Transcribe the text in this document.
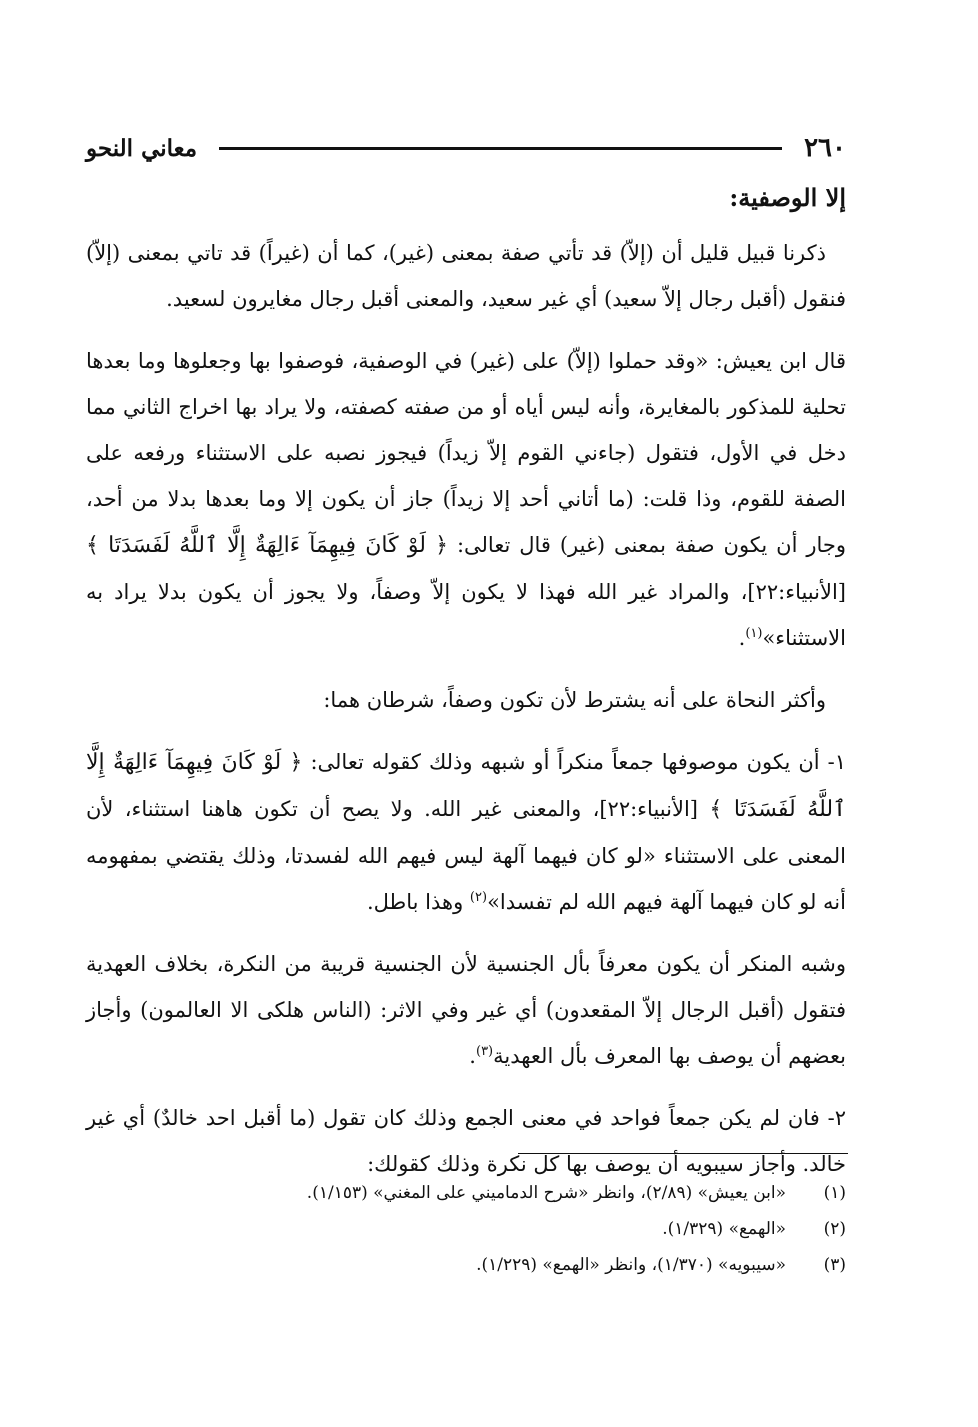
٢٦٠
معاني النحو
إلا الوصفية:

ذكرنا قبيل قليل أن (إلاّ) قد تأتي صفة بمعنى (غير)، كما أن (غيراً) قد تاتي بمعنى (إلاّ) فنقول (أقبل رجال إلاّ سعيد) أي غير سعيد، والمعنى أقبل رجال مغايرون لسعيد.

قال ابن يعيش: «وقد حملوا (إلاّ) على (غير) في الوصفية، فوصفوا بها وجعلوها وما بعدها تحلية للمذكور بالمغايرة، وأنه ليس أياه أو من صفته كصفته، ولا يراد بها اخراج الثاني مما دخل في الأول، فتقول (جاءني القوم إلاّ زيداً) فيجوز نصبه على الاستثناء ورفعه على الصفة للقوم، وذا قلت: (ما أتاني أحد إلا زيداً) جاز أن يكون إلا وما بعدها بدلا من أحد، وجار أن يكون صفة بمعنى (غير) قال تعالى: ﴿ لَوْ كَانَ فِيهِمَآ ءَالِهَةٌ إِلَّا ٱللَّهُ لَفَسَدَتَا ﴾ [الأنبياء:٢٢]، والمراد غير الله فهذا لا يكون إلاّ وصفاً، ولا يجوز أن يكون بدلا يراد به الاستثناء»$^{(١)}$.

وأكثر النحاة على أنه يشترط لأن تكون وصفاً، شرطان هما:

١- أن يكون موصوفها جمعاً منكراً أو شبهه وذلك كقوله تعالى: ﴿ لَوْ كَانَ فِيهِمَآ ءَالِهَةٌ إِلَّا ٱللَّهُ لَفَسَدَتَا ﴾ [الأنبياء:٢٢]، والمعنى غير الله. ولا يصح أن تكون هاهنا استثناء، لأن المعنى على الاستثناء «لو كان فيهما آلهة ليس فيهم الله لفسدتا، وذلك يقتضي بمفهومه أنه لو كان فيهما آلهة فيهم الله لم تفسدا»$^{(٢)}$ وهذا باطل.

وشبه المنكر أن يكون معرفاً بأل الجنسية لأن الجنسية قريبة من النكرة، بخلاف العهدية فتقول (أقبل الرجال إلاّ المقعدون) أي غير وفي الاثر: (الناس هلكى الا العالمون) وأجاز بعضهم أن يوصف بها المعرف بأل العهدية$^{(٣)}$.

٢- فان لم يكن جمعاً فواحد في معنى الجمع وذلك كان تقول (ما أقبل احد خالدٌ) أي غير خالد. وأجاز سيبويه أن يوصف بها كل نكرة وذلك كقولك:

(١)
«ابن يعيش» (٢/٨٩)، وانظر «شرح الدماميني على المغني» (١/١٥٣).
(٢)
«الهمع» (١/٣٢٩).
(٣)
«سيبويه» (١/٣٧٠)، وانظر «الهمع» (١/٢٢٩).
